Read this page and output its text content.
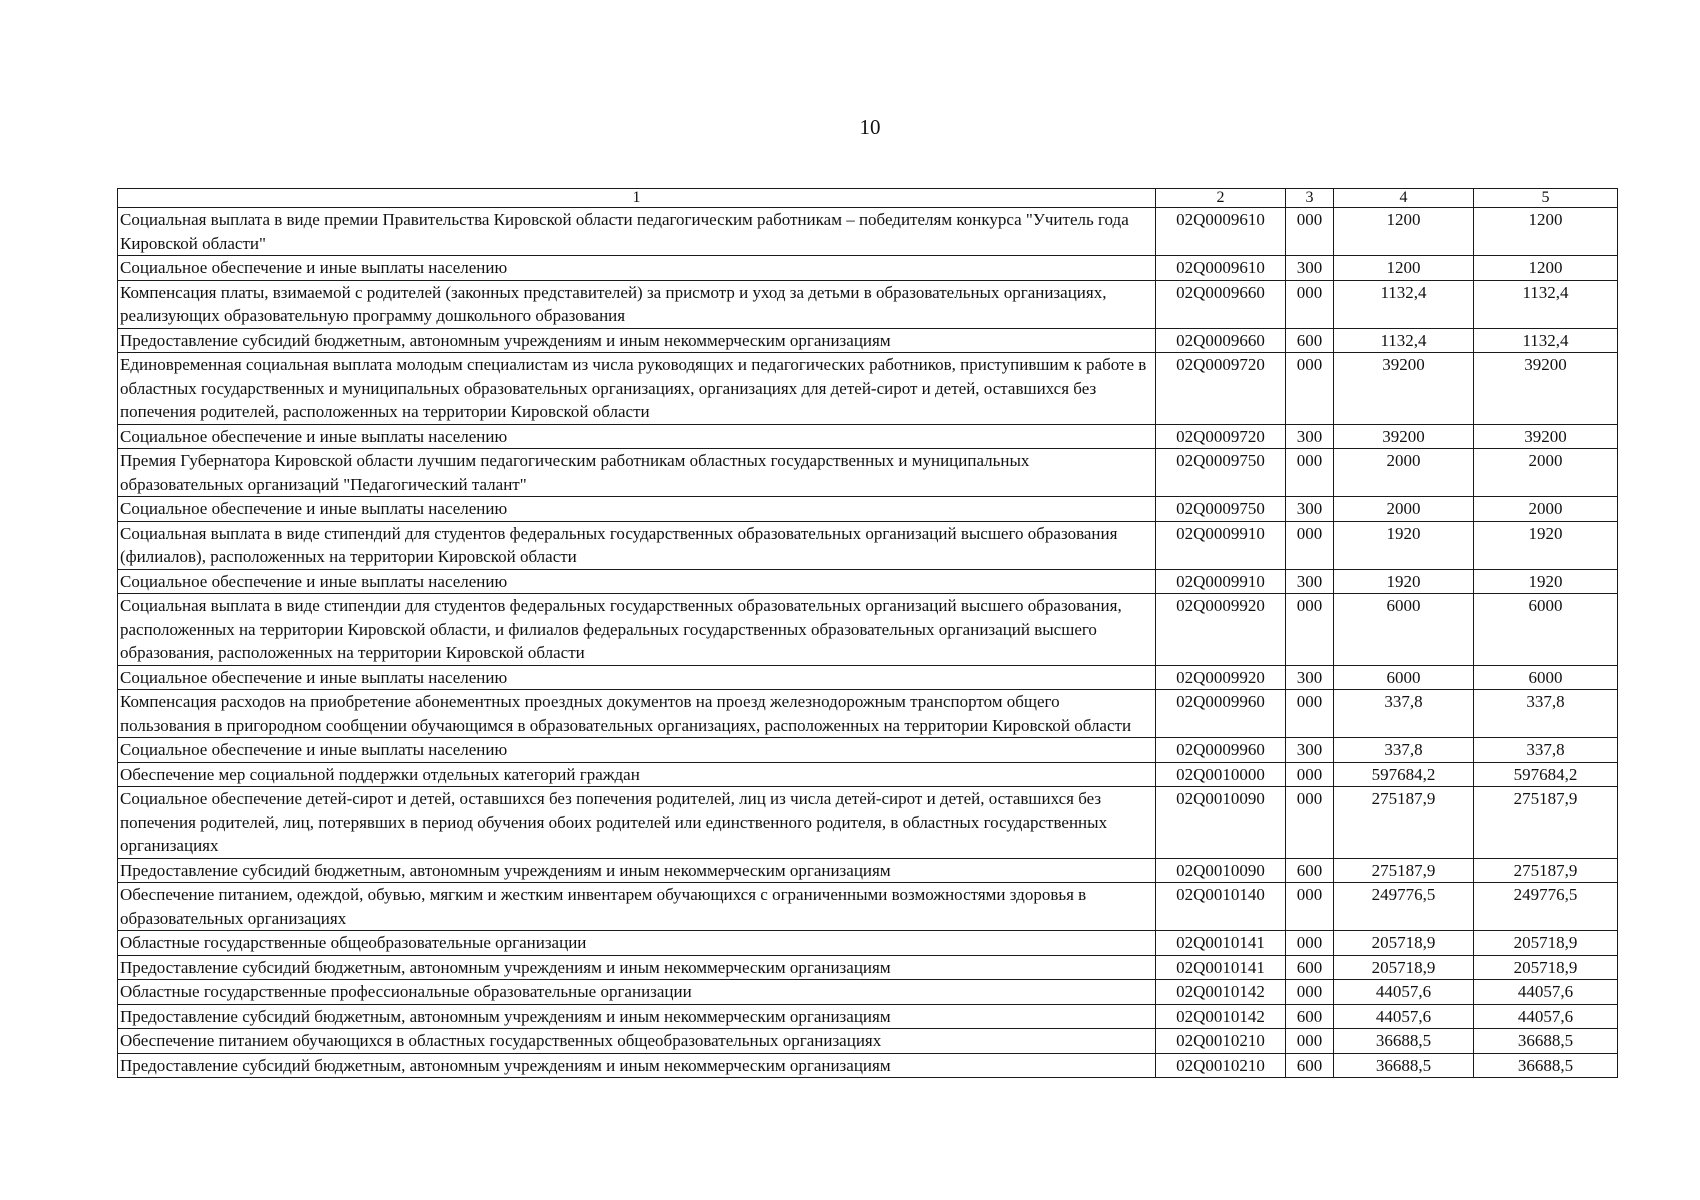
10
1	2	3	4	5
Социальная выплата в виде премии Правительства Кировской области педагогическим работникам – победителям конкурса "Учитель года Кировской области"	02Q0009610	000	1200	1200
Социальное обеспечение и иные выплаты населению	02Q0009610	300	1200	1200
Компенсация платы, взимаемой с родителей (законных представителей) за присмотр и уход за детьми в образовательных организациях, реализующих образовательную программу дошкольного образования	02Q0009660	000	1132,4	1132,4
Предоставление субсидий бюджетным, автономным учреждениям и иным некоммерческим организациям	02Q0009660	600	1132,4	1132,4
Единовременная социальная выплата молодым специалистам из числа руководящих и педагогических работников, приступившим к работе в областных государственных и муниципальных образовательных организациях, организациях для детей-сирот и детей, оставшихся без попечения родителей, расположенных на территории Кировской области	02Q0009720	000	39200	39200
Социальное обеспечение и иные выплаты населению	02Q0009720	300	39200	39200
Премия Губернатора Кировской области лучшим педагогическим работникам областных государственных и муниципальных образовательных организаций "Педагогический талант"	02Q0009750	000	2000	2000
Социальное обеспечение и иные выплаты населению	02Q0009750	300	2000	2000
Социальная выплата в виде стипендий для студентов федеральных государственных образовательных организаций высшего образования (филиалов), расположенных на территории Кировской области	02Q0009910	000	1920	1920
Социальное обеспечение и иные выплаты населению	02Q0009910	300	1920	1920
Социальная выплата в виде стипендии для студентов федеральных государственных образовательных организаций высшего образования, расположенных на территории Кировской области, и филиалов федеральных государственных образовательных организаций высшего образования, расположенных на территории Кировской области	02Q0009920	000	6000	6000
Социальное обеспечение и иные выплаты населению	02Q0009920	300	6000	6000
Компенсация расходов на приобретение абонементных проездных документов на проезд железнодорожным транспортом общего пользования в пригородном сообщении обучающимся в образовательных организациях, расположенных на территории Кировской области	02Q0009960	000	337,8	337,8
Социальное обеспечение и иные выплаты населению	02Q0009960	300	337,8	337,8
Обеспечение мер социальной поддержки отдельных категорий граждан	02Q0010000	000	597684,2	597684,2
Социальное обеспечение детей-сирот и детей, оставшихся без попечения родителей, лиц из числа детей-сирот и детей, оставшихся без попечения родителей, лиц, потерявших в период обучения обоих родителей или единственного родителя, в областных государственных организациях	02Q0010090	000	275187,9	275187,9
Предоставление субсидий бюджетным, автономным учреждениям и иным некоммерческим организациям	02Q0010090	600	275187,9	275187,9
Обеспечение питанием, одеждой, обувью, мягким и жестким инвентарем обучающихся с ограниченными возможностями здоровья в образовательных организациях	02Q0010140	000	249776,5	249776,5
Областные государственные общеобразовательные организации	02Q0010141	000	205718,9	205718,9
Предоставление субсидий бюджетным, автономным учреждениям и иным некоммерческим организациям	02Q0010141	600	205718,9	205718,9
Областные государственные профессиональные образовательные организации	02Q0010142	000	44057,6	44057,6
Предоставление субсидий бюджетным, автономным учреждениям и иным некоммерческим организациям	02Q0010142	600	44057,6	44057,6
Обеспечение питанием обучающихся в областных государственных общеобразовательных организациях	02Q0010210	000	36688,5	36688,5
Предоставление субсидий бюджетным, автономным учреждениям и иным некоммерческим организациям	02Q0010210	600	36688,5	36688,5
